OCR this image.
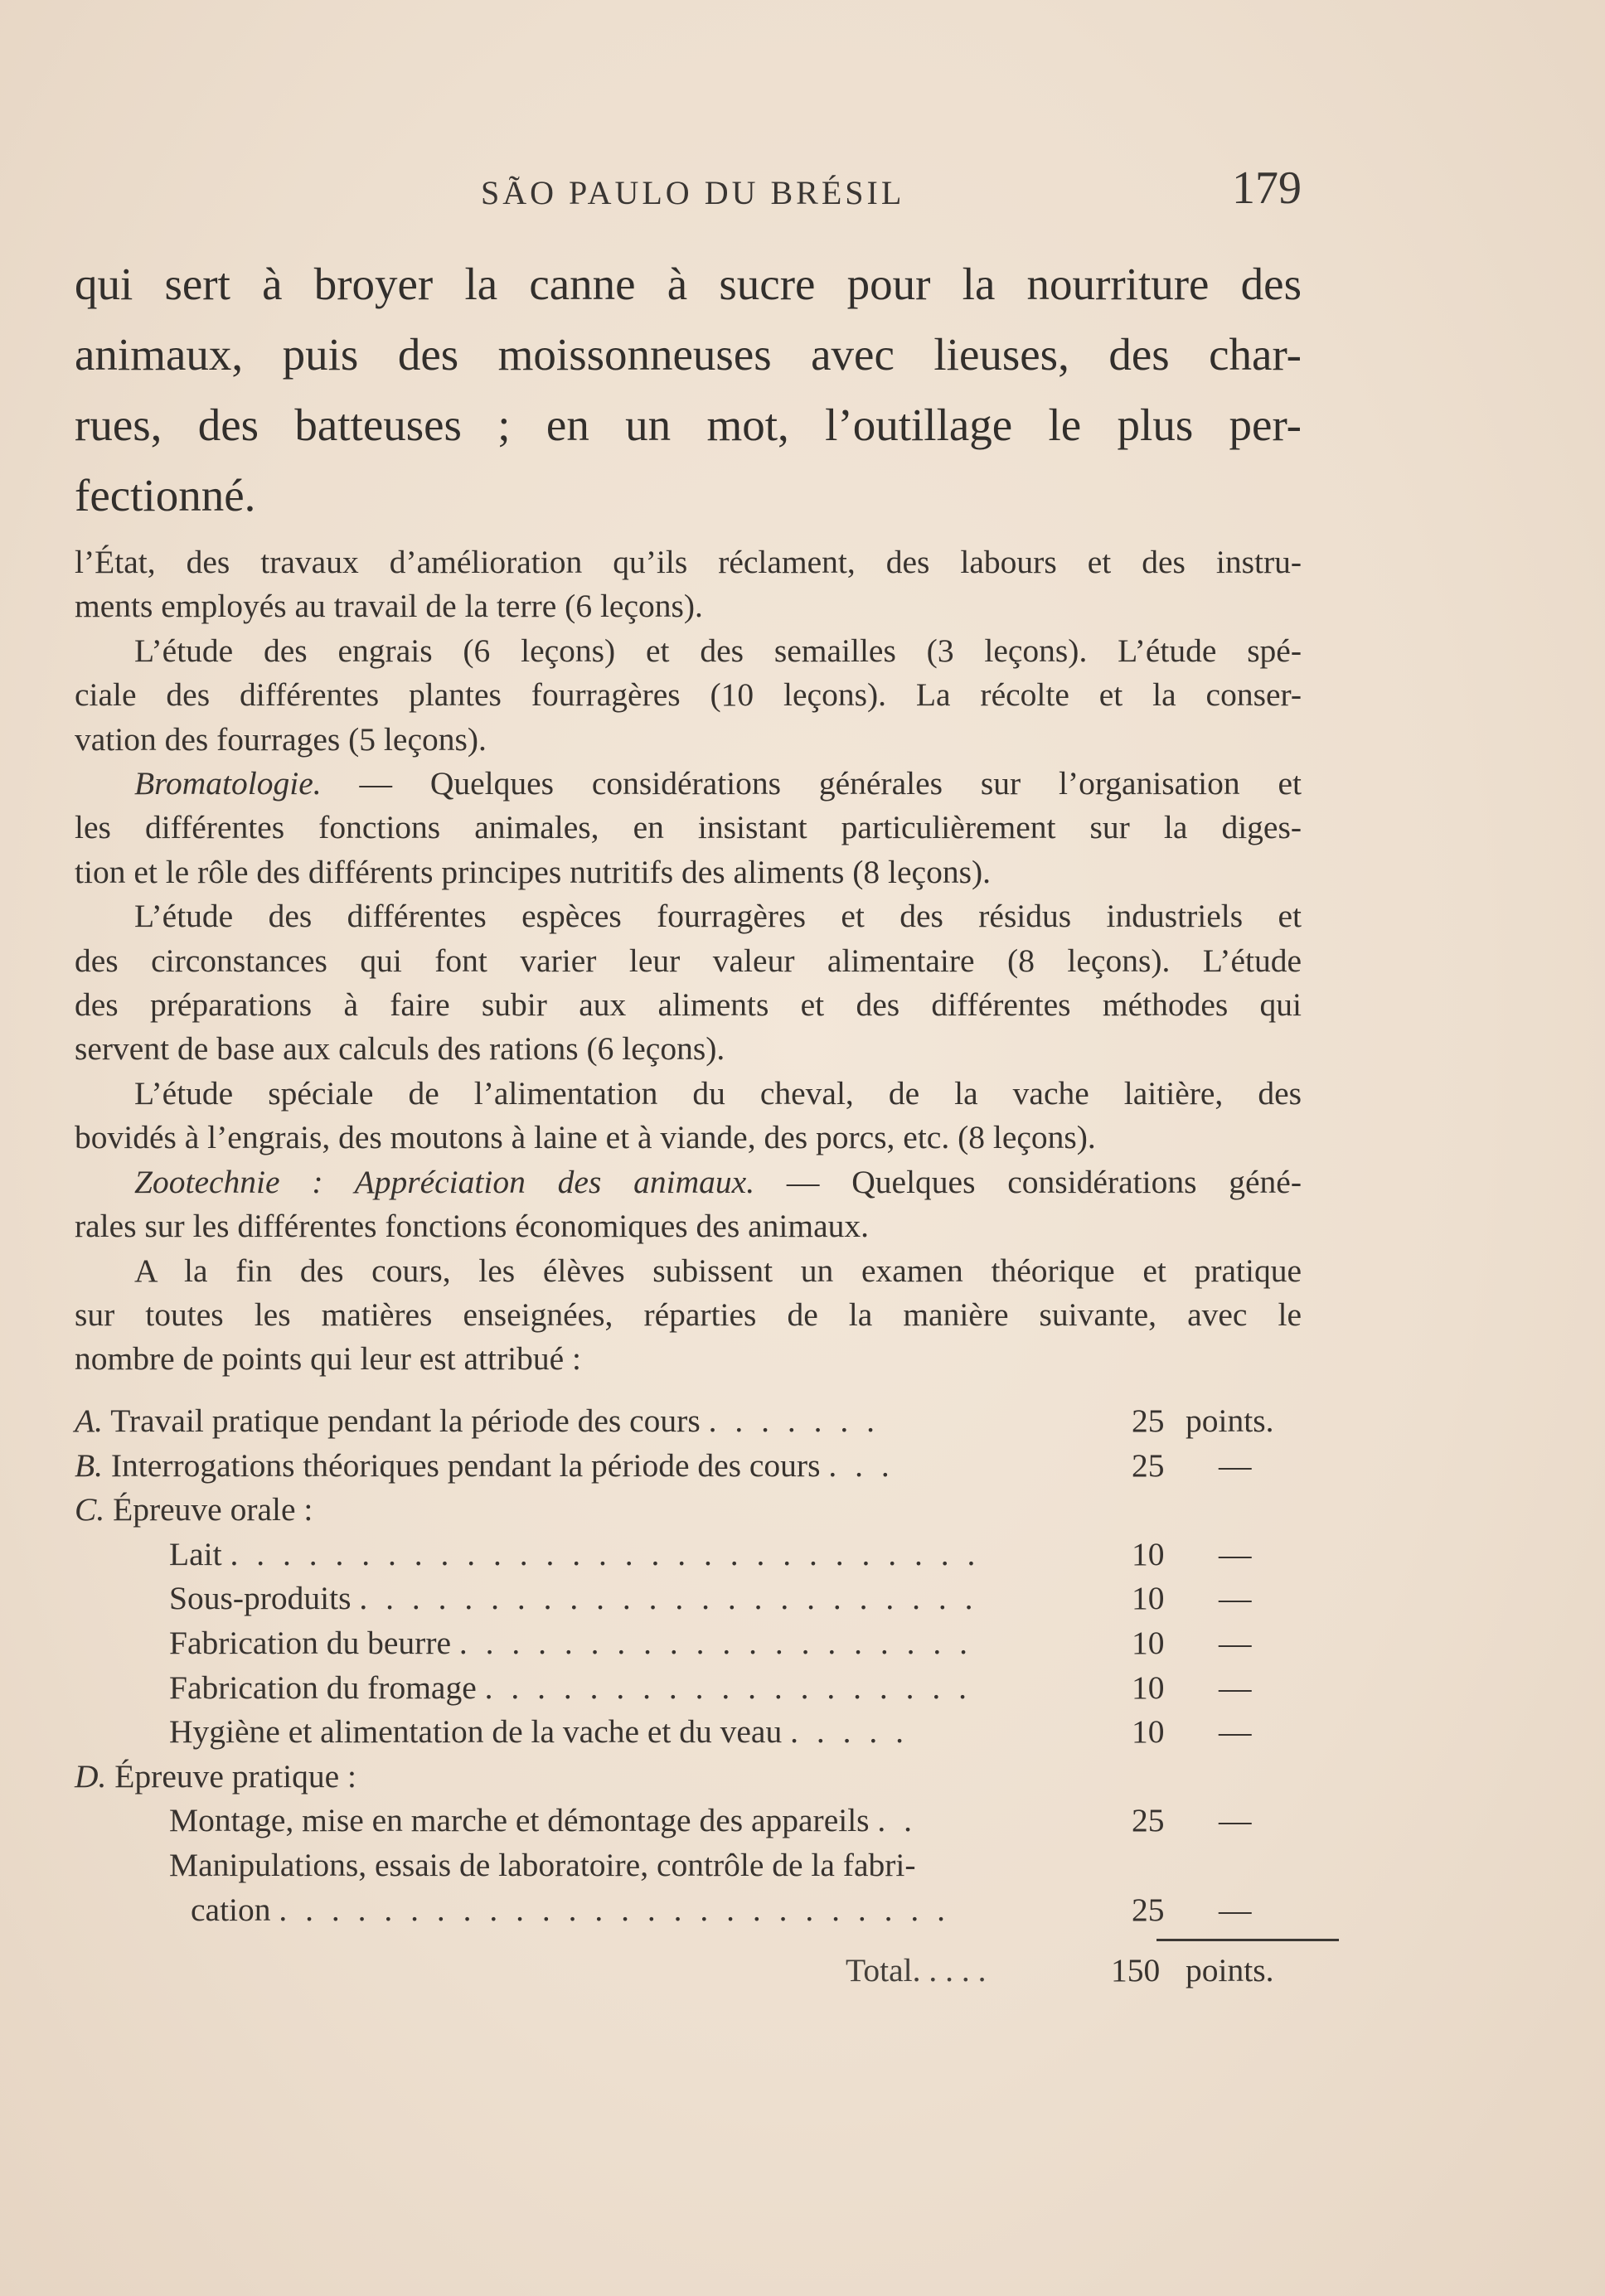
SÃO PAULO DU BRÉSIL	179
qui sert à broyer la canne à sucre pour la nourriture des
animaux, puis des moissonneuses avec lieuses, des char-
rues, des batteuses ; en un mot, l’outillage le plus per-
fectionné.

l’État, des travaux d’amélioration qu’ils réclament, des labours et des instru-
ments employés au travail de la terre (6 leçons).

L’étude des engrais (6 leçons) et des semailles (3 leçons). L’étude spé-
ciale des différentes plantes fourragères (10 leçons). La récolte et la conser-
vation des fourrages (5 leçons).

Bromatologie. — Quelques considérations générales sur l’organisation et
les différentes fonctions animales, en insistant particulièrement sur la diges-
tion et le rôle des différents principes nutritifs des aliments (8 leçons).

L’étude des différentes espèces fourragères et des résidus industriels et
des circonstances qui font varier leur valeur alimentaire (8 leçons). L’étude
des préparations à faire subir aux aliments et des différentes méthodes qui
servent de base aux calculs des rations (6 leçons).

L’étude spéciale de l’alimentation du cheval, de la vache laitière, des
bovidés à l’engrais, des moutons à laine et à viande, des porcs, etc. (8 leçons).

Zootechnie : Appréciation des animaux. — Quelques considérations géné-
rales sur les différentes fonctions économiques des animaux.

A la fin des cours, les élèves subissent un examen théorique et pratique
sur toutes les matières enseignées, réparties de la manière suivante, avec le
nombre de points qui leur est attribué :

A. Travail pratique pendant la période des cours . . . . . . .	25 points.
B. Interrogations théoriques pendant la période des cours . . .	25 —
C. Épreuve orale :
Lait . . . . . . . . . . . . . . . . . . . . . . . . . . . . .	10 —
Sous-produits . . . . . . . . . . . . . . . . . . . . . . . .	10 —
Fabrication du beurre . . . . . . . . . . . . . . . . . . . .	10 —
Fabrication du fromage . . . . . . . . . . . . . . . . . . .	10 —
Hygiène et alimentation de la vache et du veau . . . . .	10 —
D. Épreuve pratique :
Montage, mise en marche et démontage des appareils . .	25 —
Manipulations, essais de laboratoire, contrôle de la fabri-
cation . . . . . . . . . . . . . . . . . . . . . . . . . .	25 —
Total. . . . .	150 points.
